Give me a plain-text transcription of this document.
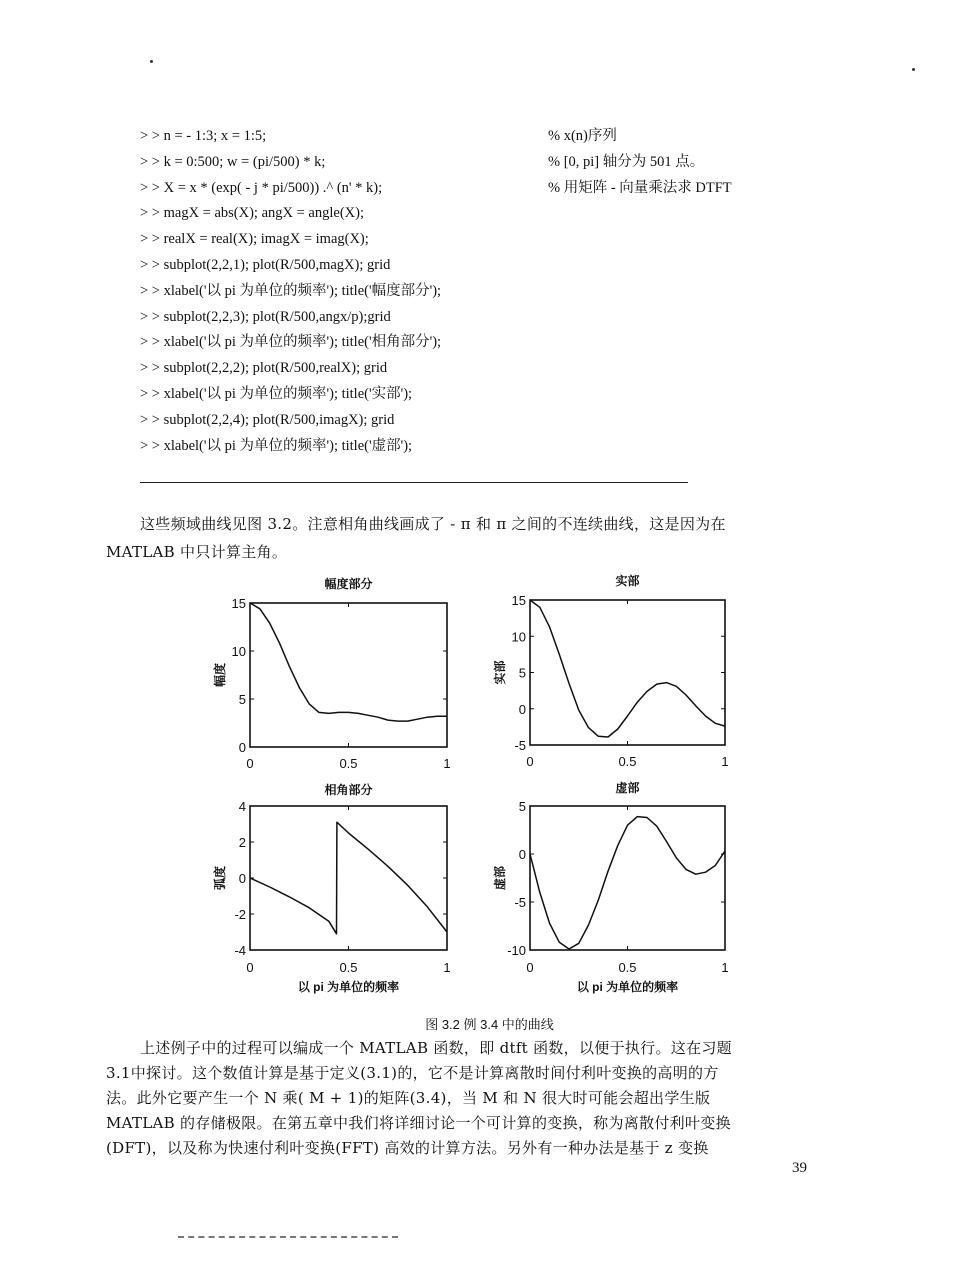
> > n = - 1:3; x = 1:5;	% x(n)序列
> > k = 0:500; w = (pi/500) * k;	% [0, pi] 轴分为 501 点。
> > X = x * (exp( - j * pi/500)) .^ (n' * k);	% 用矩阵 - 向量乘法求 DTFT
> > magX = abs(X); angX = angle(X);
> > realX = real(X); imagX = imag(X);
> > subplot(2,2,1); plot(R/500,magX); grid
> > xlabel('以 pi 为单位的频率'); title('幅度部分');
> > subplot(2,2,3); plot(R/500,angx/p);grid
> > xlabel('以 pi 为单位的频率'); title('相角部分');
> > subplot(2,2,2); plot(R/500,realX); grid
> > xlabel('以 pi 为单位的频率'); title('实部');
> > subplot(2,2,4); plot(R/500,imagX); grid
> > xlabel('以 pi 为单位的频率'); title('虚部');
这些频域曲线见图 3.2。注意相角曲线画成了 - π 和 π 之间的不连续曲线，这是因为在
MATLAB 中只计算主角。
0
5
10
15
0	0.5	1
幅度部分
幅度
-5
0
5
10
15
0	0.5	1
实部
实部
-4
-2
0
2
4
0	0.5	1
相角部分
弧度
以 pi 为单位的频率
-10
-5
0
5
0	0.5	1
虚部
虚部
以 pi 为单位的频率
图 3.2 例 3.4 中的曲线
上述例子中的过程可以编成一个 MATLAB 函数，即 dtft 函数，以便于执行。这在习题
3.1中探讨。这个数值计算是基于定义(3.1)的，它不是计算离散时间付利叶变换的高明的方
法。此外它要产生一个 N 乘( M + 1)的矩阵(3.4)，当 M 和 N 很大时可能会超出学生版
MATLAB 的存储极限。在第五章中我们将详细讨论一个可计算的变换，称为离散付利叶变换
(DFT)，以及称为快速付利叶变换(FFT) 高效的计算方法。另外有一种办法是基于 z 变换
39
